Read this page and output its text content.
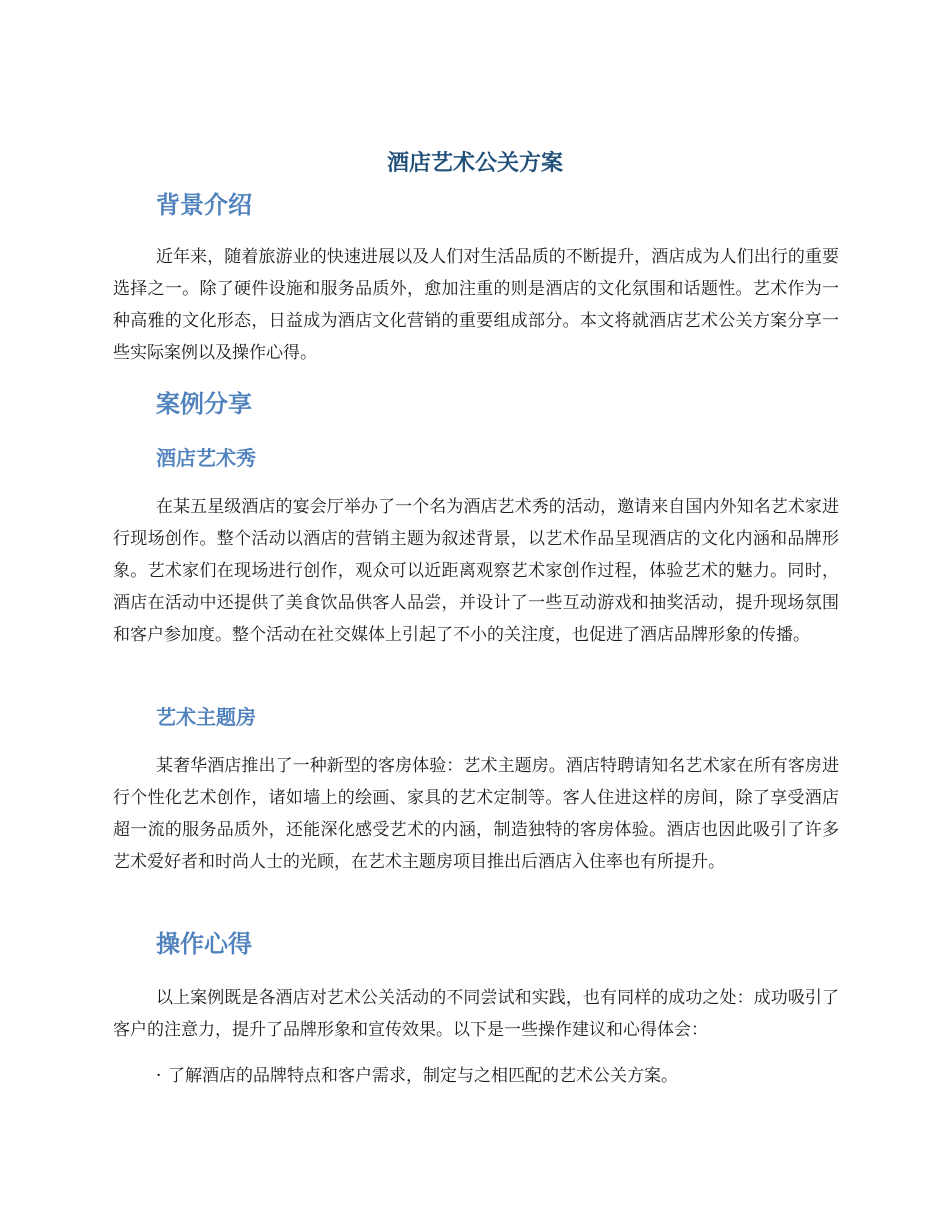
酒店艺术公关方案
背景介绍

近年来，随着旅游业的快速进展以及人们对生活品质的不断提升，酒店成为人们出行的重要选择之一。除了硬件设施和服务品质外，愈加注重的则是酒店的文化氛围和话题性。艺术作为一种高雅的文化形态，日益成为酒店文化营销的重要组成部分。本文将就酒店艺术公关方案分享一些实际案例以及操作心得。

案例分享
酒店艺术秀

在某五星级酒店的宴会厅举办了一个名为酒店艺术秀的活动，邀请来自国内外知名艺术家进行现场创作。整个活动以酒店的营销主题为叙述背景，以艺术作品呈现酒店的文化内涵和品牌形象。艺术家们在现场进行创作，观众可以近距离观察艺术家创作过程，体验艺术的魅力。同时，酒店在活动中还提供了美食饮品供客人品尝，并设计了一些互动游戏和抽奖活动，提升现场氛围和客户参加度。整个活动在社交媒体上引起了不小的关注度，也促进了酒店品牌形象的传播。

艺术主题房

某奢华酒店推出了一种新型的客房体验：艺术主题房。酒店特聘请知名艺术家在所有客房进行个性化艺术创作，诸如墙上的绘画、家具的艺术定制等。客人住进这样的房间，除了享受酒店超一流的服务品质外，还能深化感受艺术的内涵，制造独特的客房体验。酒店也因此吸引了许多艺术爱好者和时尚人士的光顾，在艺术主题房项目推出后酒店入住率也有所提升。

操作心得

以上案例既是各酒店对艺术公关活动的不同尝试和实践，也有同样的成功之处：成功吸引了客户的注意力，提升了品牌形象和宣传效果。以下是一些操作建议和心得体会：

· 了解酒店的品牌特点和客户需求，制定与之相匹配的艺术公关方案。
